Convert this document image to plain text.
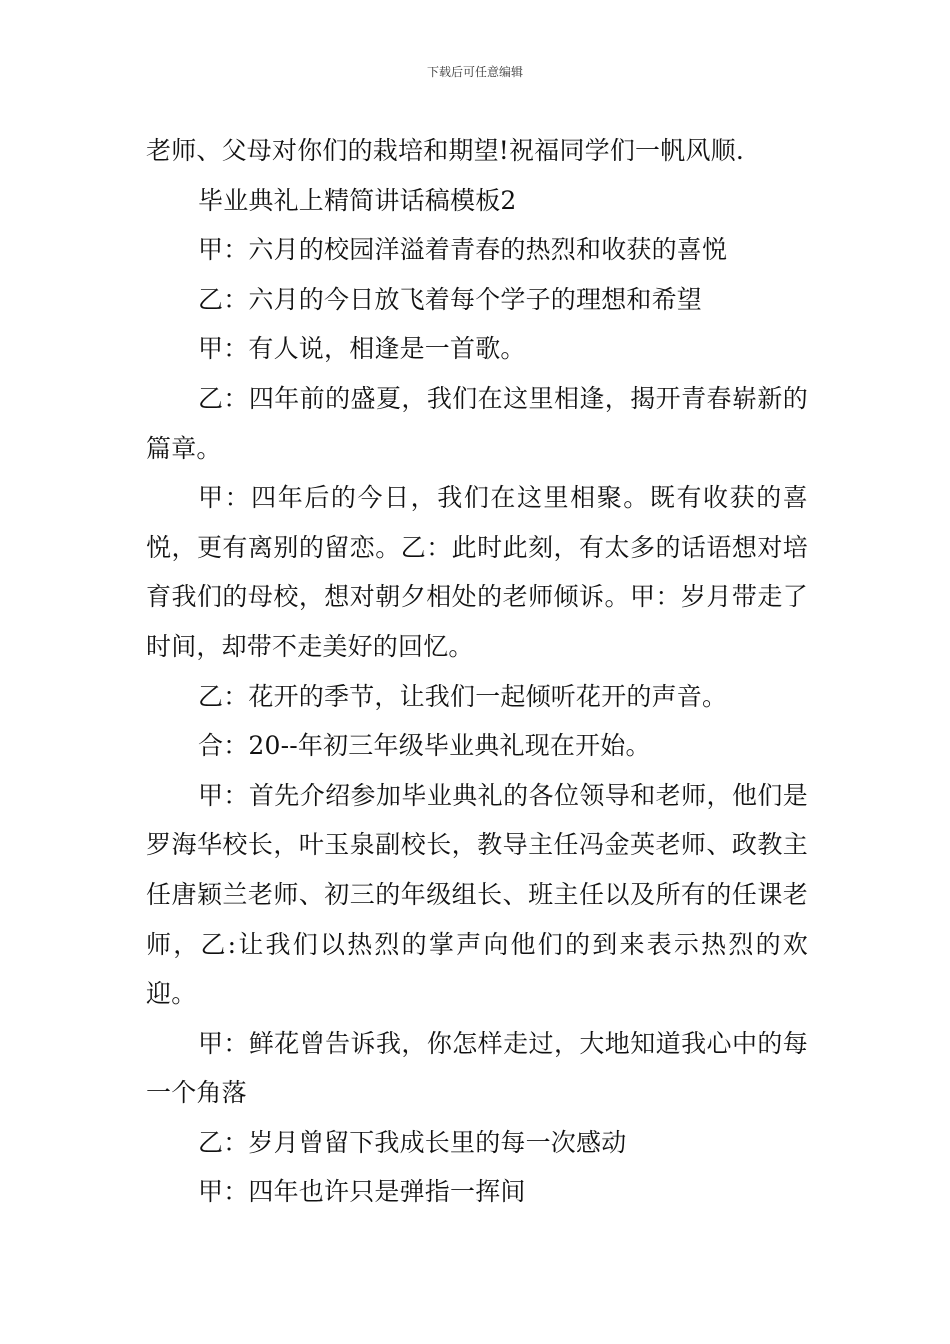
下载后可任意编辑

老师、父母对你们的栽培和期望!祝福同学们一帆风顺.

毕业典礼上精简讲话稿模板2

甲：六月的校园洋溢着青春的热烈和收获的喜悦

乙：六月的今日放飞着每个学子的理想和希望

甲：有人说，相逢是一首歌。

乙：四年前的盛夏，我们在这里相逢，揭开青春崭新的篇章。

甲：四年后的今日，我们在这里相聚。既有收获的喜悦，更有离别的留恋。乙：此时此刻，有太多的话语想对培育我们的母校，想对朝夕相处的老师倾诉。甲：岁月带走了时间，却带不走美好的回忆。

乙：花开的季节，让我们一起倾听花开的声音。

合：20--年初三年级毕业典礼现在开始。

甲：首先介绍参加毕业典礼的各位领导和老师，他们是罗海华校长，叶玉泉副校长，教导主任冯金英老师、政教主任唐颖兰老师、初三的年级组长、班主任以及所有的任课老师，乙:让我们以热烈的掌声向他们的到来表示热烈的欢迎。

甲：鲜花曾告诉我，你怎样走过，大地知道我心中的每一个角落

乙：岁月曾留下我成长里的每一次感动

甲：四年也许只是弹指一挥间
